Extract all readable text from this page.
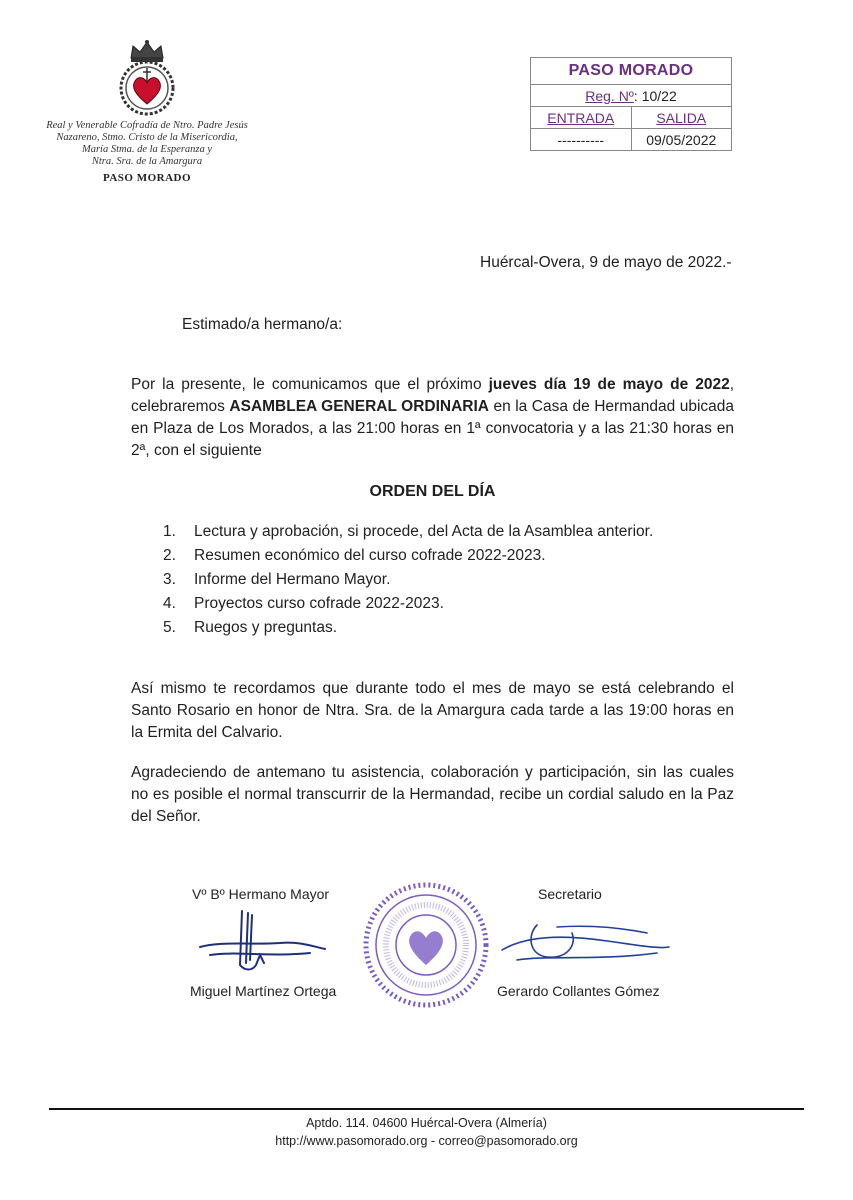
Real y Venerable Cofradía de Ntro. Padre Jesús
Nazareno, Stmo. Cristo de la Misericordia,
María Stma. de la Esperanza y
Ntra. Sra. de la Amargura
PASO MORADO
PASO MORADO
Reg. Nº: 10/22
ENTRADA	SALIDA
----------	09/05/2022
Huércal-Overa, 9 de mayo de 2022.-
Estimado/a hermano/a:
Por la presente, le comunicamos que el próximo jueves día 19 de mayo de 2022, celebraremos ASAMBLEA GENERAL ORDINARIA en la Casa de Hermandad ubicada en Plaza de Los Morados, a las 21:00 horas en 1ª convocatoria y a las 21:30 horas en 2ª, con el siguiente
ORDEN DEL DÍA
1.	Lectura y aprobación, si procede, del Acta de la Asamblea anterior.
2.	Resumen económico del curso cofrade 2022-2023.
3.	Informe del Hermano Mayor.
4.	Proyectos curso cofrade 2022-2023.
5.	Ruegos y preguntas.
Así mismo te recordamos que durante todo el mes de mayo se está celebrando el Santo Rosario en honor de Ntra. Sra. de la Amargura cada tarde a las 19:00 horas en la Ermita del Calvario.
Agradeciendo de antemano tu asistencia, colaboración y participación, sin las cuales no es posible el normal transcurrir de la Hermandad, recibe un cordial saludo en la Paz del Señor.
Vº Bº Hermano Mayor	Secretario
Miguel Martínez Ortega	Gerardo Collantes Gómez
Aptdo. 114. 04600 Huércal-Overa (Almería)
http://www.pasomorado.org - correo@pasomorado.org
